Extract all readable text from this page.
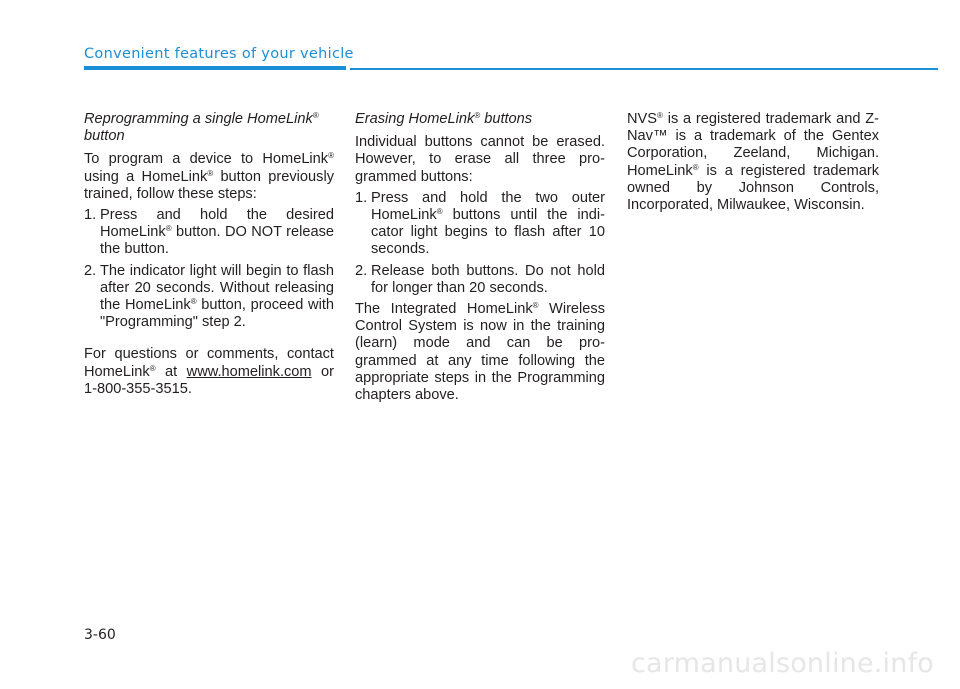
Convenient features of your vehicle

Reprogramming a single HomeLink®
button

To program a device to HomeLink® using a HomeLink® button previously trained, follow these steps:

1. Press and hold the desired HomeLink® button. DO NOT release the button.
2. The indicator light will begin to flash after 20 seconds. Without releasing the HomeLink® button, proceed with "Programming" step 2.

For questions or comments, contact HomeLink® at www.homelink.com or 1-800-355-3515.

Erasing HomeLink® buttons

Individual buttons cannot be erased. However, to erase all three pro-grammed buttons:

1. Press and hold the two outer HomeLink® buttons until the indi-cator light begins to flash after 10 seconds.
2. Release both buttons. Do not hold for longer than 20 seconds.

The Integrated HomeLink® Wireless Control System is now in the training (learn) mode and can be pro-grammed at any time following the appropriate steps in the Programming chapters above.

NVS® is a registered trademark and Z-Nav™ is a trademark of the Gentex Corporation, Zeeland, Michigan. HomeLink® is a registered trademark owned by Johnson Controls, Incorporated, Milwaukee, Wisconsin.

3-60
carmanualsonline.info
